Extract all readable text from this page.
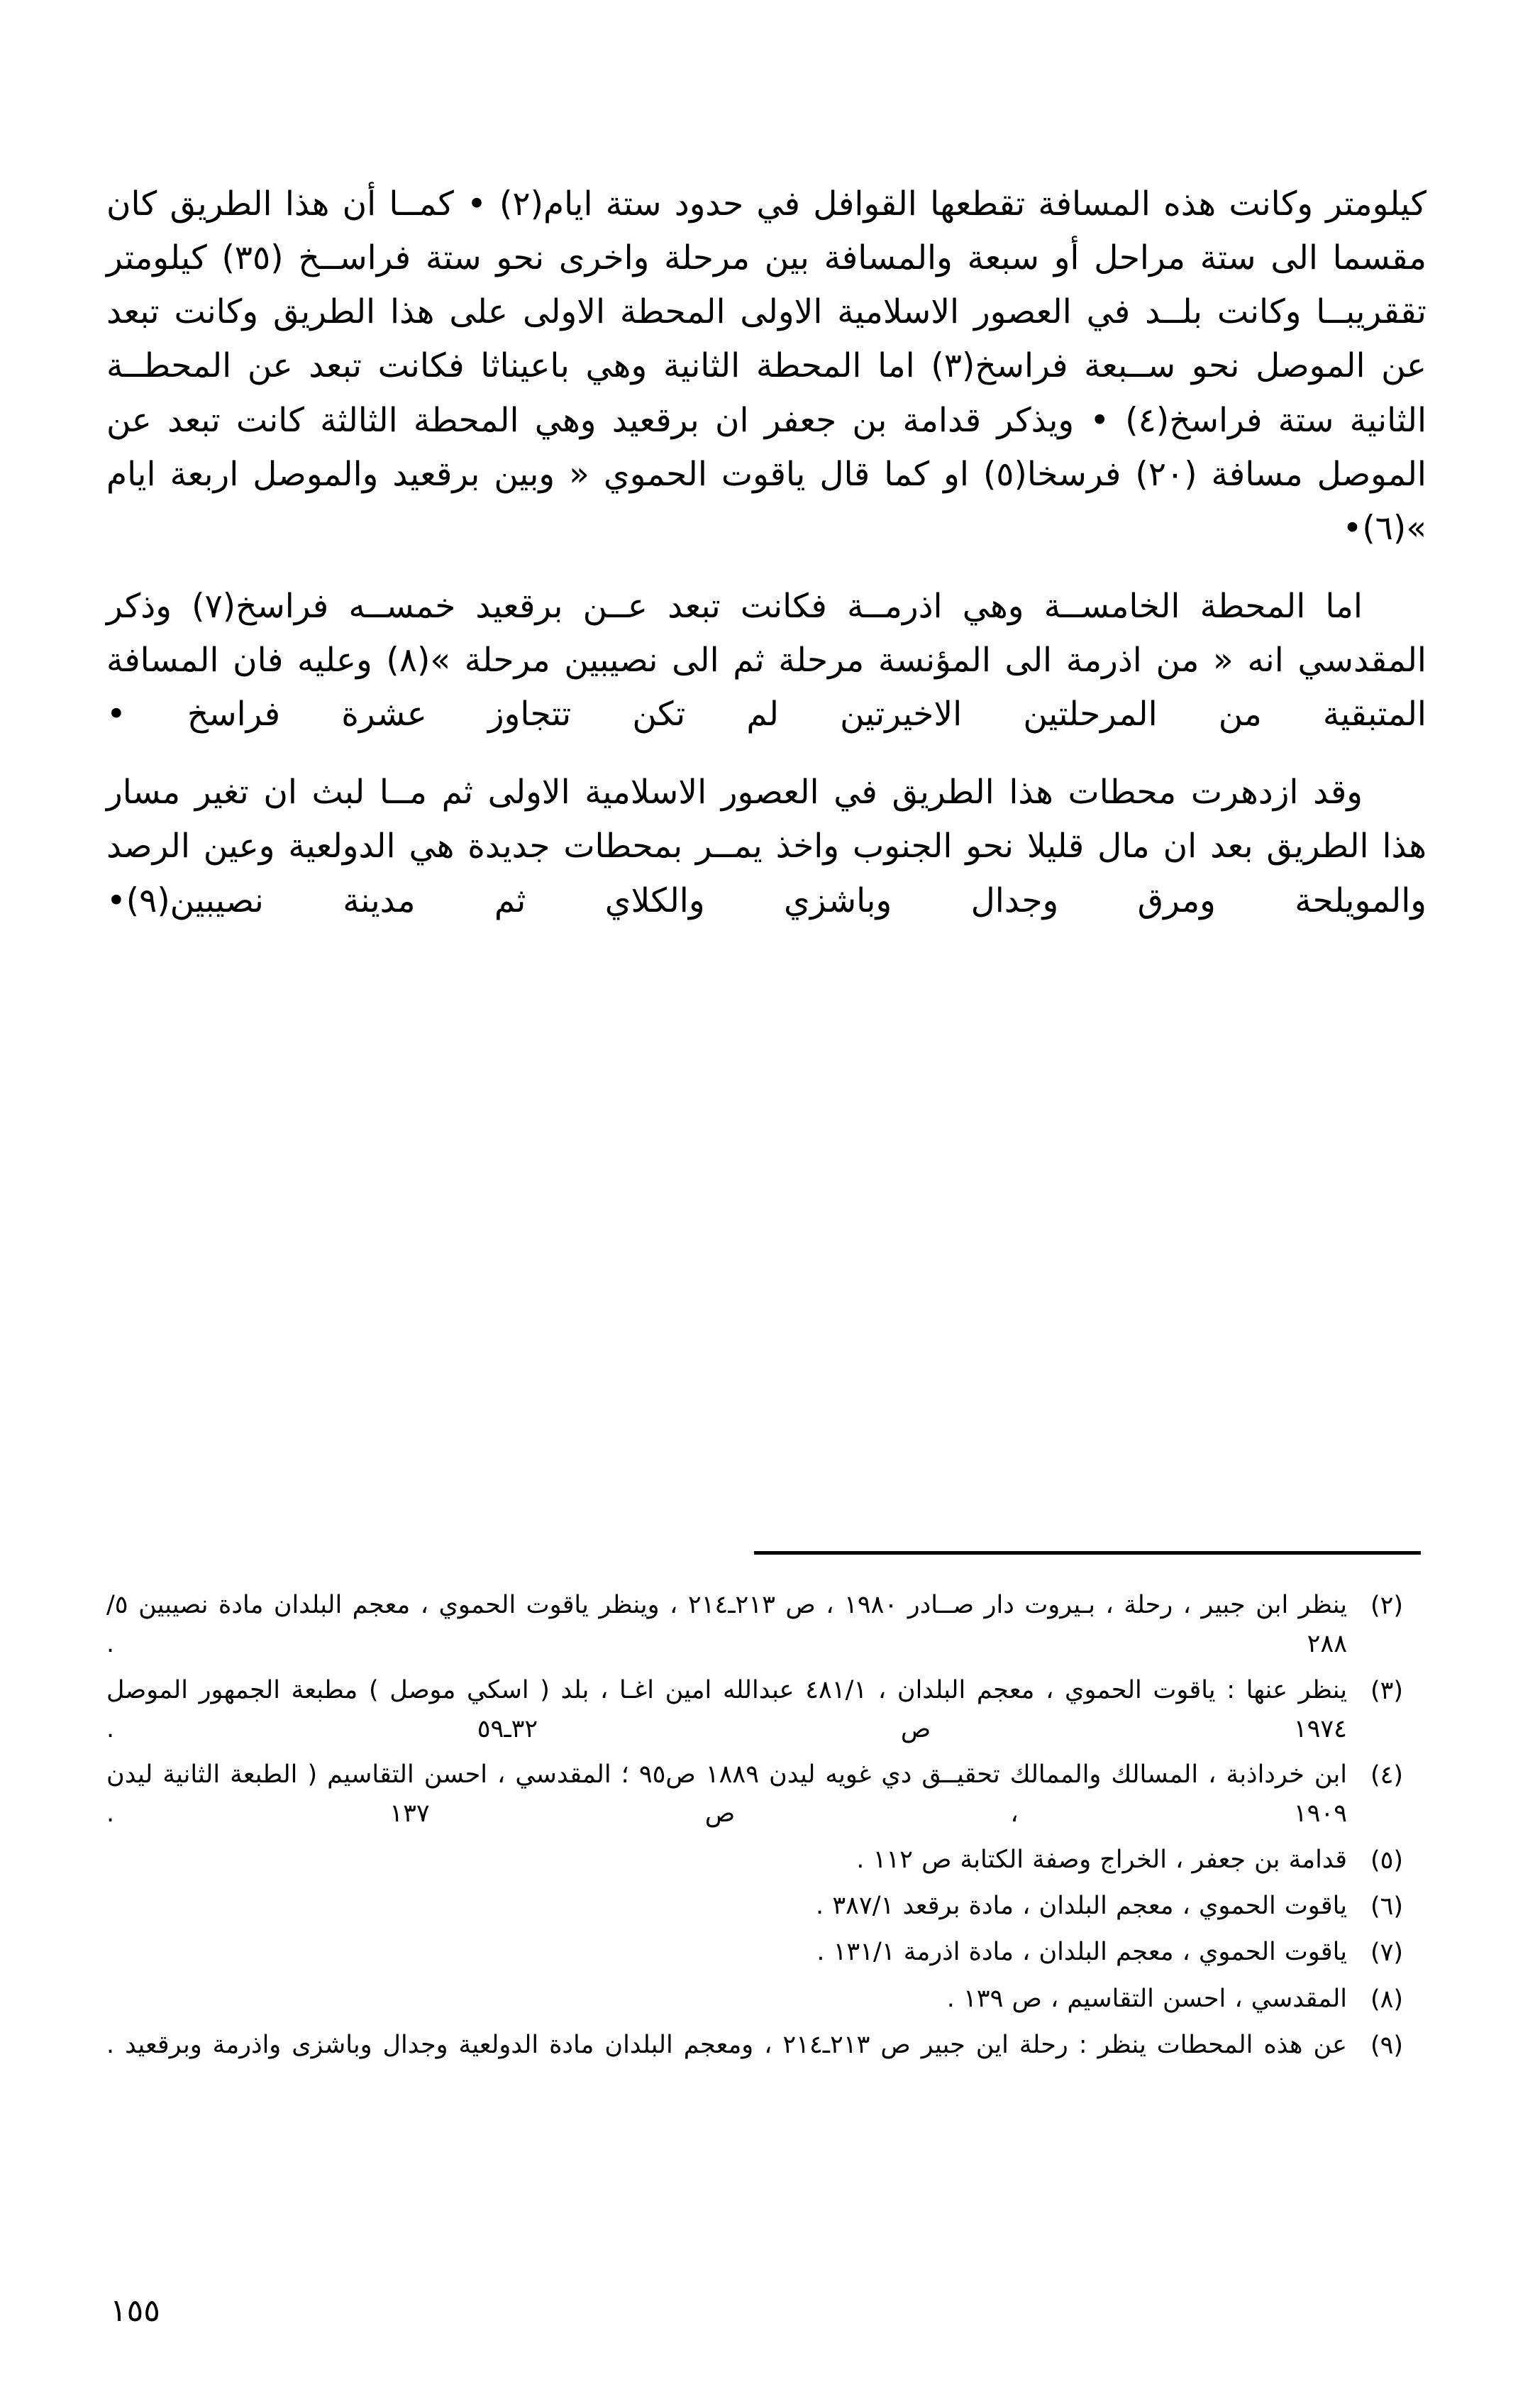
كيلومتر وكانت هذه المسافة تقطعها القوافل في حدود ستة ايام(٢) • كمــا أن هذا الطريق كان مقسما الى ستة مراحل أو سبعة والمسافة بين مرحلة واخرى نحو ستة فراســخ (٣٥) كيلومتر تققريبــا وكانت بلــد في العصور الاسلامية الاولى المحطة الاولى على هذا الطريق وكانت تبعد عن الموصل نحو ســبعة فراسخ(٣) اما المحطة الثانية وهي باعيناثا فكانت تبعد عن المحطــة الثانية ستة فراسخ(٤) • ويذكر قدامة بن جعفر ان برقعيد وهي المحطة الثالثة كانت تبعد عن الموصل مسافة (٢٠) فرسخا(٥) او كما قال ياقوت الحموي « وبين برقعيد والموصل اربعة ايام »(٦)•

اما المحطة الخامســة وهي اذرمــة فكانت تبعد عــن برقعيد خمســه فراسخ(٧) وذكر المقدسي انه « من اذرمة الى المؤنسة مرحلة ثم الى نصيبين مرحلة »(٨) وعليه فان المسافة المتبقية من المرحلتين الاخيرتين لم تكن تتجاوز عشرة فراسخ •

وقد ازدهرت محطات هذا الطريق في العصور الاسلامية الاولى ثم مــا لبث ان تغير مسار هذا الطريق بعد ان مال قليلا نحو الجنوب واخذ يمــر بمحطات جديدة هي الدولعية وعين الرصد والمويلحة ومرق وجدال وباشزي والكلاي ثم مدينة نصيبين(٩)•

(٢)
ينظر ابن جبير ، رحلة ، بـيروت دار صــادر ١٩٨٠ ، ص ٢١٣ـ٢١٤ ، وينظر ياقوت الحموي ، معجم البلدان مادة نصيبين ٥/ ٢٨٨ .
(٣)
ينظر عنها : ياقوت الحموي ، معجم البلدان ، ٤٨١/١ عبدالله امين اغـا ، بلد ( اسكي موصل ) مطبعة الجمهور الموصل ١٩٧٤ ص ٣٢ـ٥٩ .
(٤)
ابن خرداذبة ، المسالك والممالك تحقيــق دي غويه ليدن ١٨٨٩ ص٩٥ ؛ المقدسي ، احسن التقاسيم ( الطبعة الثانية ليدن ١٩٠٩ ، ص ١٣٧ .
(٥)
قدامة بن جعفر ، الخراج وصفة الكتابة ص ١١٢ .
(٦)
ياقوت الحموي ، معجم البلدان ، مادة برقعد ٣٨٧/١ .
(٧)
ياقوت الحموي ، معجم البلدان ، مادة اذرمة ١٣١/١ .
(٨)
المقدسي ، احسن التقاسيم ، ص ١٣٩ .
(٩)
عن هذه المحطات ينظر : رحلة اين جبير ص ٢١٣ـ٢١٤ ، ومعجم البلدان مادة الدولعية وجدال وباشزى واذرمة وبرقعيد .
١٥٥
